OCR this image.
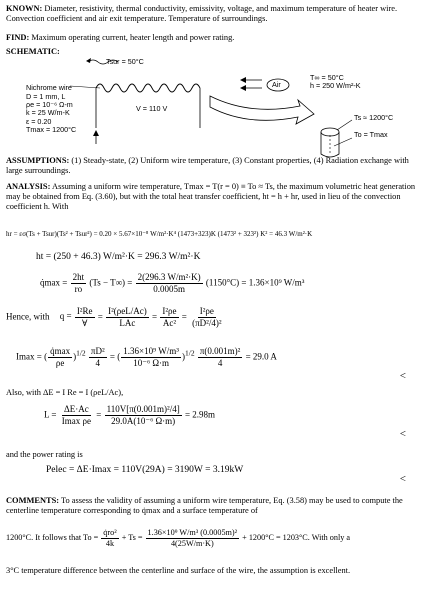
KNOWN: Diameter, resistivity, thermal conductivity, emissivity, voltage, and maximum temperature of heater wire. Convection coefficient and air exit temperature. Temperature of surroundings.
FIND: Maximum operating current, heater length and power rating.
SCHEMATIC:
Tsur = 50°C
Nichrome wire
D = 1 mm, L
ρe = 10⁻⁶ Ω-m
k = 25 W/m-K
ε = 0.20
Tmax = 1200°C
V = 110 V
Air
T∞ = 50°C
h = 250 W/m²-K
Ts ≈ 1200°C
To = Tmax
ASSUMPTIONS: (1) Steady-state, (2) Uniform wire temperature, (3) Constant properties, (4) Radiation exchange with large surroundings.
ANALYSIS: Assuming a uniform wire temperature, Tmax = T(r = 0) ≡ To ≈ Ts, the maximum volumetric heat generation may be obtained from Eq. (3.60), but with the total heat transfer coefficient, ht = h + hr, used in lieu of the convection coefficient h. With
hr = εσ(Ts + Tsur)(Ts² + Tsur²) = 0.20 × 5.67×10⁻⁸ W/m²·K⁴ (1473+323)K (1473² + 323²) K² = 46.3 W/m²·K
ht = (250 + 46.3) W/m²·K = 296.3 W/m²·K
q̇max = $\frac{2ht}{ro} (Ts - T\infty) = \frac{\text{2(296.3 W/m²·K)}}{0.0005m} (1150^\circ C) = 1.36\times 10^9$ W/m³
Hence, with $q = \frac{\text{I²Re}}{\forall} = \frac{\text{I²(ρeL/Ac)}}{\text{LAc}} = \frac{\text{I²ρe}}{\text{Ac²}} = \frac{\text{I²ρe}}{\text{(πD²/4)²}}$
Imax = ( $\frac{q̇\max}{\rho e} )^{1/2} \frac{\text{πD²}}{4}$ = ( $\frac{\text{1.36×10⁹ W/m³}}{\text{10⁻⁶ Ω·m}} )^{1/2} \frac{\text{π(0.001m)²}}{4} = 29.0$ A
<
Also, with ΔE = I Re = I (ρeL/Ac),
$L = \frac{\Delta E\cdot Ac}{\text{Imax ρe}} = \frac{\text{110V[π(0.001m)²/4]}}{\text{29.0A(10⁻⁶ Ω·m)}} = 2.98m$
<
and the power rating is
Pelec = ΔE·Imax = 110V(29A) = 3190W = 3.19kW
<
COMMENTS: To assess the validity of assuming a uniform wire temperature, Eq. (3.58) may be used to compute the centerline temperature corresponding to q̇max and a surface temperature of
1200°C. It follows that $To = \frac{\text{q̇ro²}}{4k} + Ts = \frac{\text{1.36×10⁹ W/m³ (0.0005m)²}}{4(25W/m\cdot K)} + 1200^\circ C = 1203^\circ C$. With only a
3°C temperature difference between the centerline and surface of the wire, the assumption is excellent.
